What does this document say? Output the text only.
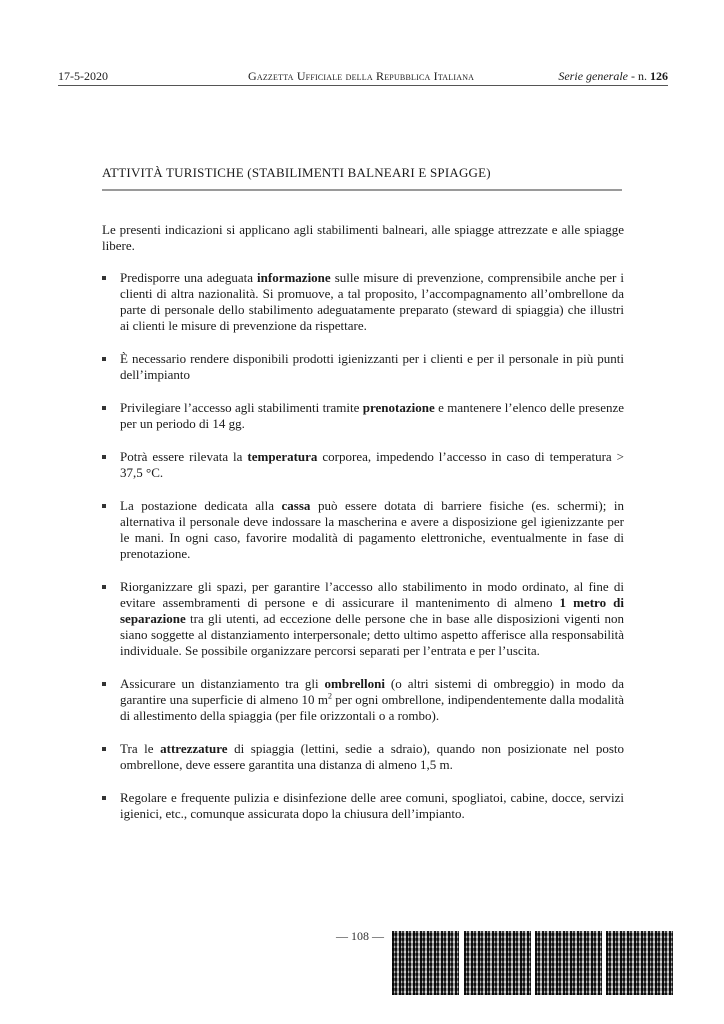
17-5-2020	Gazzetta Ufficiale della Repubblica Italiana	Serie generale - n. 126
ATTIVITÀ TURISTICHE (STABILIMENTI BALNEARI E SPIAGGE)

Le presenti indicazioni si applicano agli stabilimenti balneari, alle spiagge attrezzate e alle spiagge libere.

Predisporre una adeguata informazione sulle misure di prevenzione, comprensibile anche per i clienti di altra nazionalità. Si promuove, a tal proposito, l’accompagnamento all’ombrellone da parte di personale dello stabilimento adeguatamente preparato (steward di spiaggia) che illustri ai clienti le misure di prevenzione da rispettare.
È necessario rendere disponibili prodotti igienizzanti per i clienti e per il personale in più punti dell’impianto
Privilegiare l’accesso agli stabilimenti tramite prenotazione e mantenere l’elenco delle presenze per un periodo di 14 gg.
Potrà essere rilevata la temperatura corporea, impedendo l’accesso in caso di temperatura > 37,5 °C.
La postazione dedicata alla cassa può essere dotata di barriere fisiche (es. schermi); in alternativa il personale deve indossare la mascherina e avere a disposizione gel igienizzante per le mani. In ogni caso, favorire modalità di pagamento elettroniche, eventualmente in fase di prenotazione.
Riorganizzare gli spazi, per garantire l’accesso allo stabilimento in modo ordinato, al fine di evitare assembramenti di persone e di assicurare il mantenimento di almeno 1 metro di separazione tra gli utenti, ad eccezione delle persone che in base alle disposizioni vigenti non siano soggette al distanziamento interpersonale; detto ultimo aspetto afferisce alla responsabilità individuale. Se possibile organizzare percorsi separati per l’entrata e per l’uscita.
Assicurare un distanziamento tra gli ombrelloni (o altri sistemi di ombreggio) in modo da garantire una superficie di almeno 10 $m^2$ per ogni ombrellone, indipendentemente dalla modalità di allestimento della spiaggia (per file orizzontali o a rombo).
Tra le attrezzature di spiaggia (lettini, sedie a sdraio), quando non posizionate nel posto ombrellone, deve essere garantita una distanza di almeno 1,5 m.
Regolare e frequente pulizia e disinfezione delle aree comuni, spogliatoi, cabine, docce, servizi igienici, etc., comunque assicurata dopo la chiusura dell’impianto.
— 108 —
